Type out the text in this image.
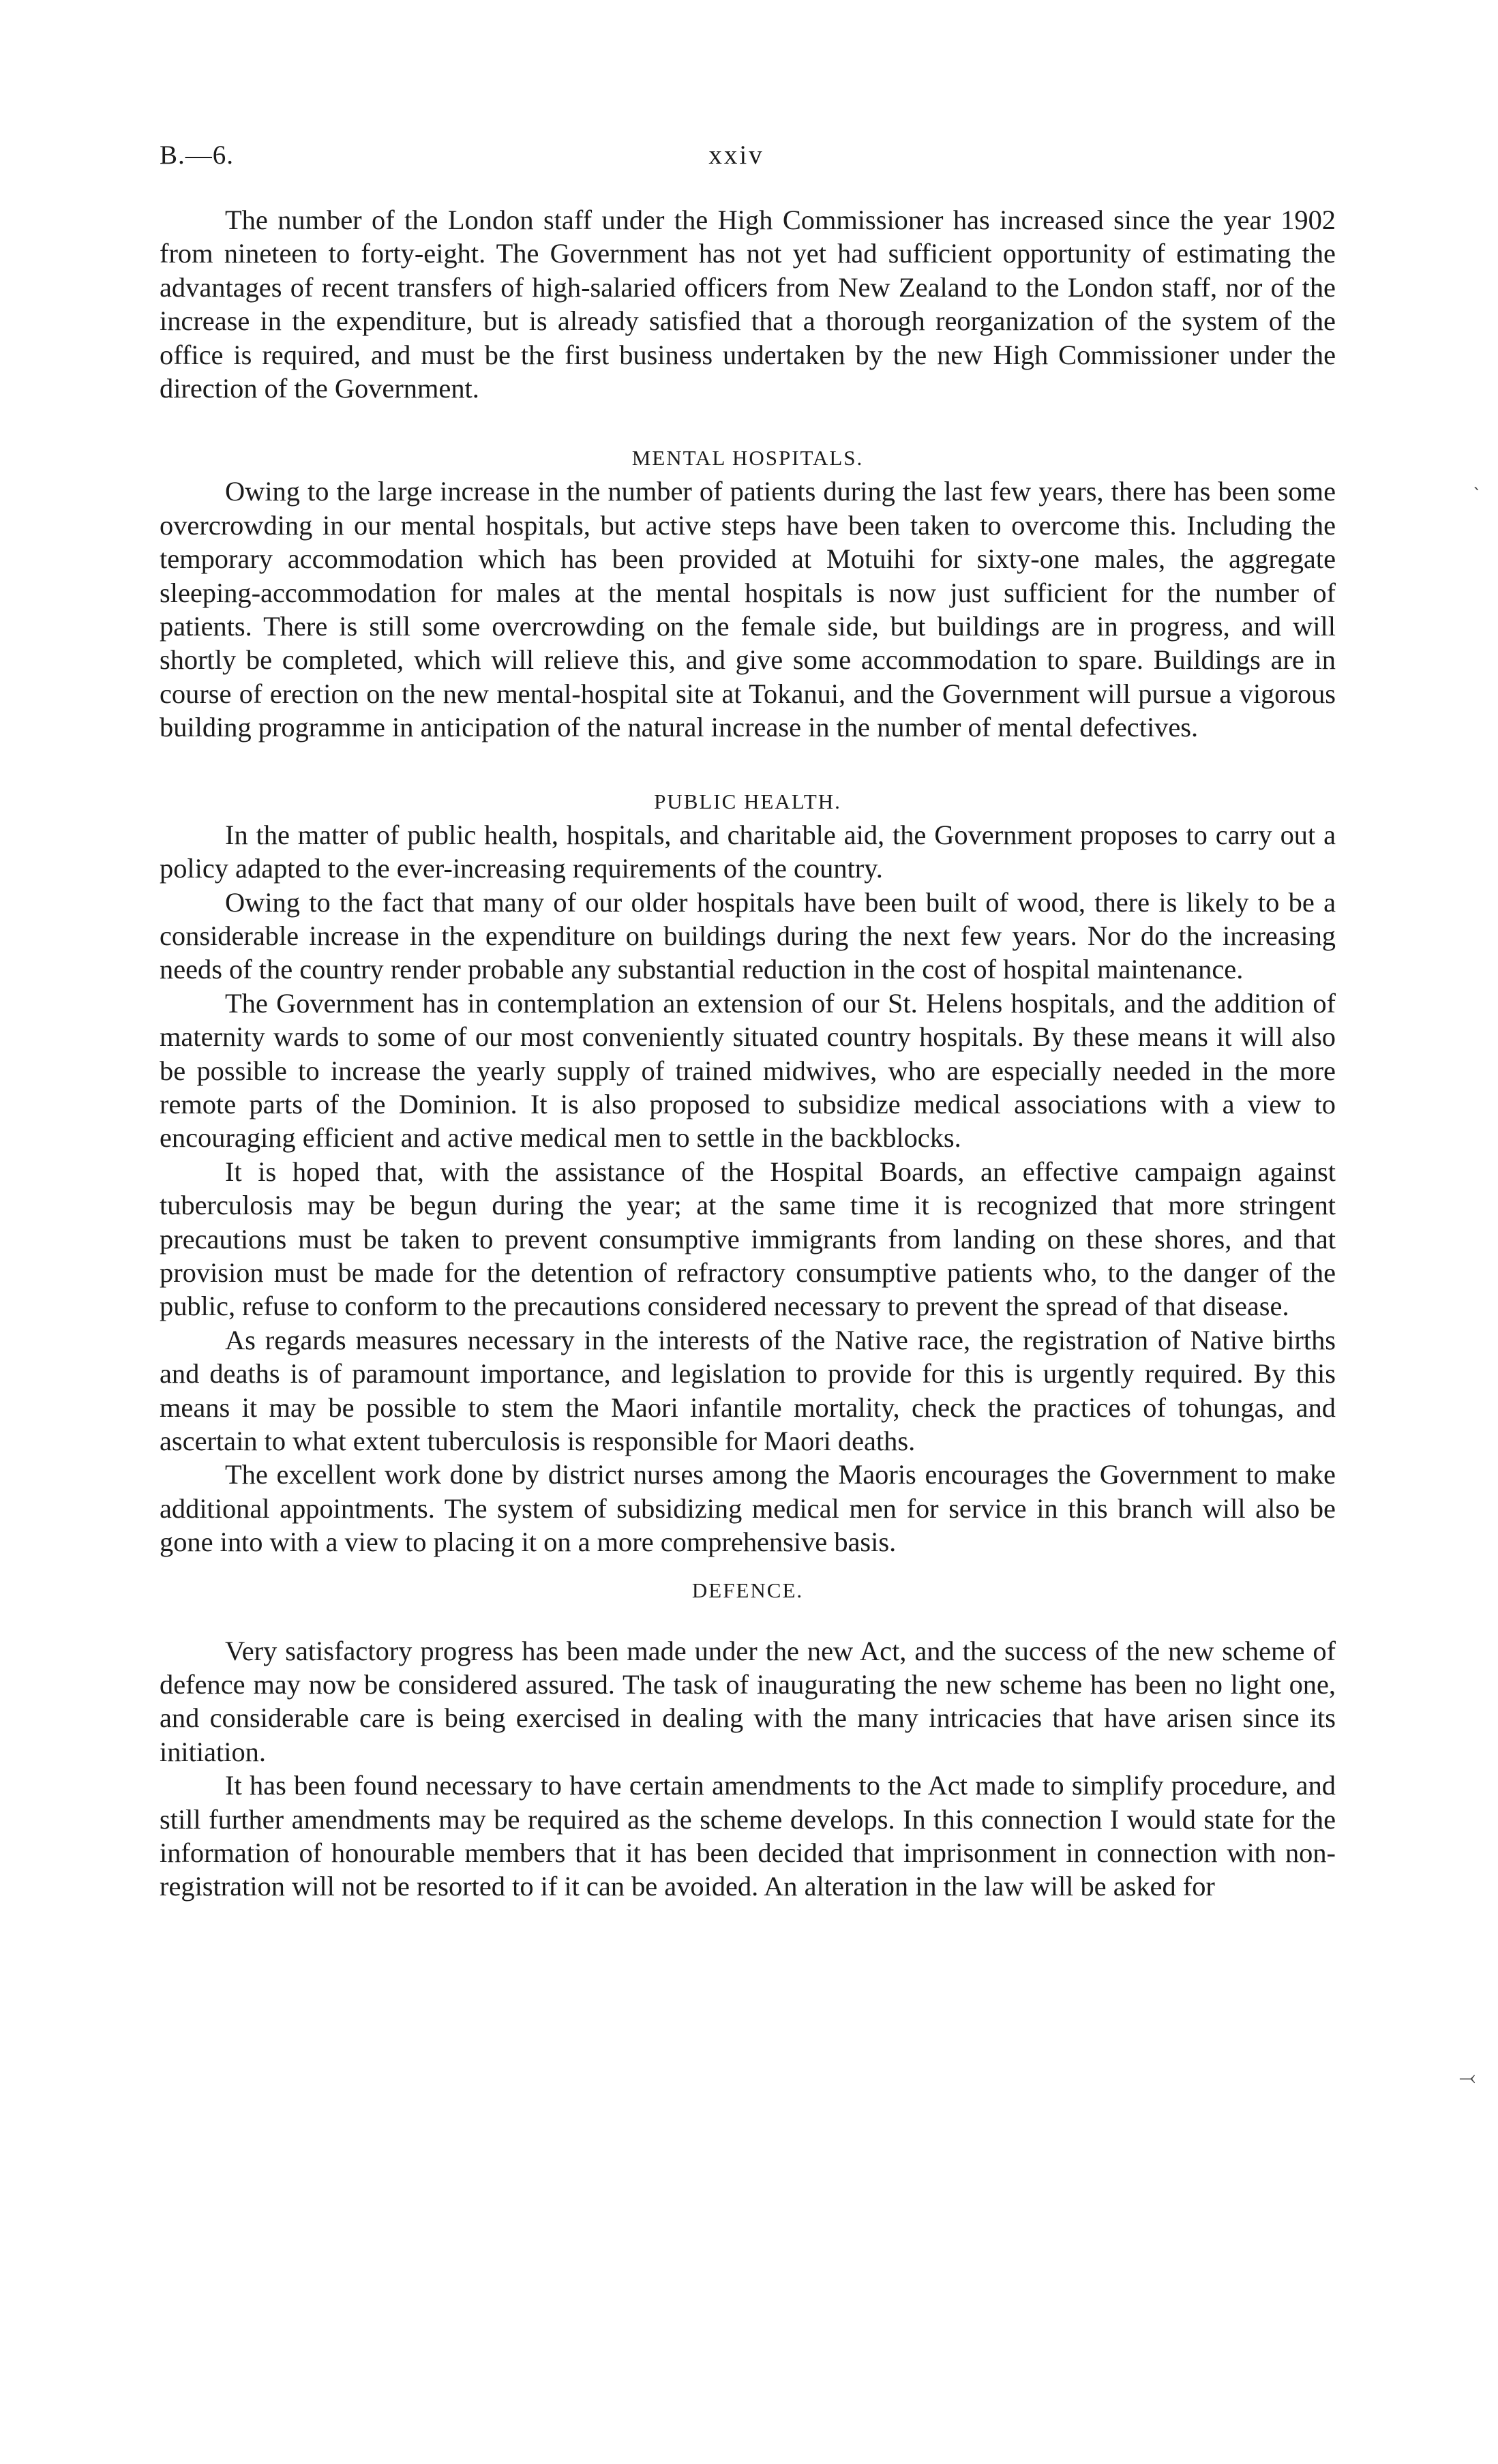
B.—6.	xxiv

The number of the London staff under the High Commissioner has increased since the year 1902 from nineteen to forty-eight. The Government has not yet had sufficient opportunity of estimating the advantages of recent transfers of high-salaried officers from New Zealand to the London staff, nor of the increase in the expenditure, but is already satisfied that a thorough reorganization of the system of the office is required, and must be the first business undertaken by the new High Commissioner under the direction of the Government.

MENTAL HOSPITALS.

Owing to the large increase in the number of patients during the last few years, there has been some overcrowding in our mental hospitals, but active steps have been taken to overcome this. Including the temporary accommodation which has been provided at Motuihi for sixty-one males, the aggregate sleeping-accommodation for males at the mental hospitals is now just sufficient for the number of patients. There is still some overcrowding on the female side, but buildings are in progress, and will shortly be completed, which will relieve this, and give some accommodation to spare. Buildings are in course of erection on the new mental-hospital site at Tokanui, and the Government will pursue a vigorous building programme in anticipation of the natural increase in the number of mental defectives.

PUBLIC HEALTH.

In the matter of public health, hospitals, and charitable aid, the Government proposes to carry out a policy adapted to the ever-increasing requirements of the country.

Owing to the fact that many of our older hospitals have been built of wood, there is likely to be a considerable increase in the expenditure on buildings during the next few years. Nor do the increasing needs of the country render probable any substantial reduction in the cost of hospital maintenance.

The Government has in contemplation an extension of our St. Helens hospitals, and the addition of maternity wards to some of our most conveniently situated country hospitals. By these means it will also be possible to increase the yearly supply of trained midwives, who are especially needed in the more remote parts of the Dominion. It is also proposed to subsidize medical associations with a view to encouraging efficient and active medical men to settle in the backblocks.

It is hoped that, with the assistance of the Hospital Boards, an effective campaign against tuberculosis may be begun during the year; at the same time it is recognized that more stringent precautions must be taken to prevent consumptive immigrants from landing on these shores, and that provision must be made for the detention of refractory consumptive patients who, to the danger of the public, refuse to conform to the precautions considered necessary to prevent the spread of that disease.

As regards measures necessary in the interests of the Native race, the registration of Native births and deaths is of paramount importance, and legislation to provide for this is urgently required. By this means it may be possible to stem the Maori infantile mortality, check the practices of tohungas, and ascertain to what extent tuberculosis is responsible for Maori deaths.

The excellent work done by district nurses among the Maoris encourages the Government to make additional appointments. The system of subsidizing medical men for service in this branch will also be gone into with a view to placing it on a more comprehensive basis.

DEFENCE.

Very satisfactory progress has been made under the new Act, and the success of the new scheme of defence may now be considered assured. The task of inaugurating the new scheme has been no light one, and considerable care is being exercised in dealing with the many intricacies that have arisen since its initiation.

It has been found necessary to have certain amendments to the Act made to simplify procedure, and still further amendments may be required as the scheme develops. In this connection I would state for the information of honourable members that it has been decided that imprisonment in connection with non-registration will not be resorted to if it can be avoided. An alteration in the law will be asked for

ˎ
⤙
